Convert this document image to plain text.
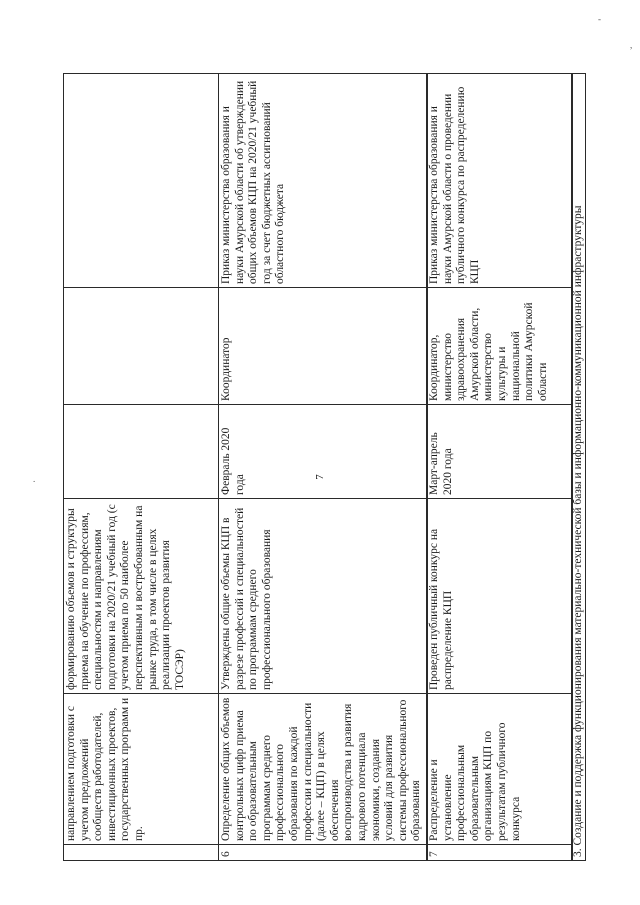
7
направлением подготовки с учетом предложений сообществ работодателей, инвестиционных проектов, государственных программ и пр.
формированию объемов и структуры приема на обучение по профессиям, специальностям и направлениям подготовки на 2020/21 учебный год (с учетом приема по 50 наиболее перспективным и востребованным на рынке труда, в том числе в целях реализации проектов развития ТОСЭР)
6
Определение общих объемов контрольных цифр приема по образовательным программам среднего профессионального образования по каждой профессии и специальности (далее – КЦП) в целях обеспечения воспроизводства и развития кадрового потенциала экономики, создания условий для развития системы профессионального образования
Утверждены общие объемы КЦП в разрезе профессий и специальностей по программам среднего профессионального образования
Февраль 2020 года
Координатор
Приказ министерства образования и науки Амурской области об утверждении общих объемов КЦП на 2020/21 учебный год за счет бюджетных ассигнований областного бюджета
7
Распределение и установление профессиональным образовательным организациям КЦП по результатам публичного конкурса
Проведен публичный конкурс на распределение КЦП
Март-апрель 2020 года
Координатор, министерство здравоохранения Амурской области, министерство культуры и национальной политики Амурской области
Приказ министерства образования и науки Амурской области о проведении публичного конкурса по распределению КЦП	3. Создание и поддержка функционирования материально-технической базы и информационно-коммуникационной инфраструктуры
-
,
.
